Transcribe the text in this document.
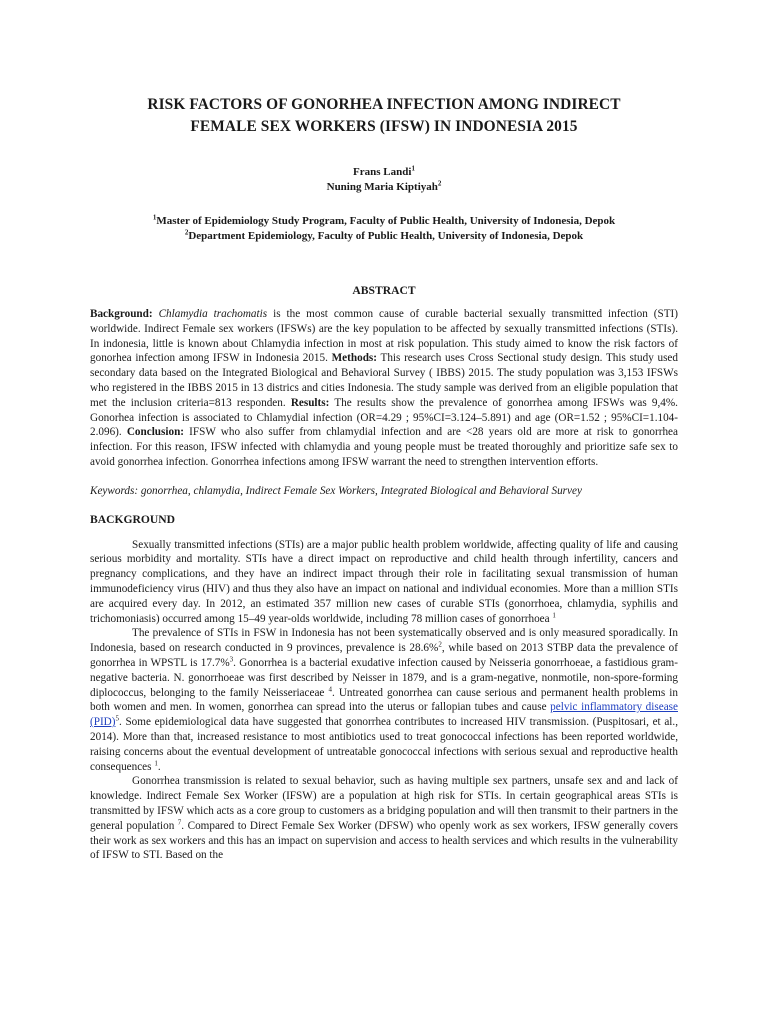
RISK FACTORS OF GONORHEA INFECTION AMONG INDIRECT
FEMALE SEX WORKERS (IFSW) IN INDONESIA 2015
Frans Landi$^1$
Nuning Maria Kiptiyah$^2$
$^1$Master of Epidemiology Study Program, Faculty of Public Health, University of Indonesia, Depok
$^2$Department Epidemiology, Faculty of Public Health, University of Indonesia, Depok
ABSTRACT

Background: Chlamydia trachomatis is the most common cause of curable bacterial sexually transmitted infection (STI) worldwide. Indirect Female sex workers (IFSWs) are the key population to be affected by sexually transmitted infections (STIs). In indonesia, little is known about Chlamydia infection in most at risk population. This study aimed to know the risk factors of gonorhea infection among IFSW in Indonesia 2015. Methods: This research uses Cross Sectional study design. This study used secondary data based on the Integrated Biological and Behavioral Survey ( IBBS) 2015. The study population was 3,153 IFSWs who registered in the IBBS 2015 in 13 districs and cities Indonesia. The study sample was derived from an eligible population that met the inclusion criteria=813 responden. Results: The results show the prevalence of gonorrhea among IFSWs was 9,4%. Gonorhea infection is associated to Chlamydial infection (OR=4.29 ; 95%CI=3.124–5.891) and age (OR=1.52 ; 95%CI=1.104-2.096). Conclusion: IFSW who also suffer from chlamydial infection and are <28 years old are more at risk to gonorrhea infection. For this reason, IFSW infected with chlamydia and young people must be treated thoroughly and prioritize safe sex to avoid gonorrhea infection. Gonorrhea infections among IFSW warrant the need to strengthen intervention efforts.

Keywords: gonorrhea, chlamydia, Indirect Female Sex Workers, Integrated Biological and Behavioral Survey

BACKGROUND

Sexually transmitted infections (STIs) are a major public health problem worldwide, affecting quality of life and causing serious morbidity and mortality. STIs have a direct impact on reproductive and child health through infertility, cancers and pregnancy complications, and they have an indirect impact through their role in facilitating sexual transmission of human immunodeficiency virus (HIV) and thus they also have an impact on national and individual economies. More than a million STIs are acquired every day. In 2012, an estimated 357 million new cases of curable STIs (gonorrhoea, chlamydia, syphilis and trichomoniasis) occurred among 15–49 year-olds worldwide, including 78 million cases of gonorrhoea $^1$

The prevalence of STIs in FSW in Indonesia has not been systematically observed and is only measured sporadically. In Indonesia, based on research conducted in 9 provinces, prevalence is 28.6%$^2$, while based on 2013 STBP data the prevalence of gonorrhea in WPSTL is 17.7%$^3$. Gonorrhea is a bacterial exudative infection caused by Neisseria gonorrhoeae, a fastidious gram-negative bacteria. N. gonorrhoeae was first described by Neisser in 1879, and is a gram-negative, nonmotile, non-spore-forming diplococcus, belonging to the family Neisseriaceae $^4$. Untreated gonorrhea can cause serious and permanent health problems in both women and men. In women, gonorrhea can spread into the uterus or fallopian tubes and cause pelvic inflammatory disease (PID)$^5$. Some epidemiological data have suggested that gonorrhea contributes to increased HIV transmission. (Puspitosari, et al., 2014). More than that, increased resistance to most antibiotics used to treat gonococcal infections has been reported worldwide, raising concerns about the eventual development of untreatable gonococcal infections with serious sexual and reproductive health consequences $^1$.

Gonorrhea transmission is related to sexual behavior, such as having multiple sex partners, unsafe sex and and lack of knowledge. Indirect Female Sex Worker (IFSW) are a population at high risk for STIs. In certain geographical areas STIs is transmitted by IFSW which acts as a core group to customers as a bridging population and will then transmit to their partners in the general population $^7$. Compared to Direct Female Sex Worker (DFSW) who openly work as sex workers, IFSW generally covers their work as sex workers and this has an impact on supervision and access to health services and which results in the vulnerability of IFSW to STI. Based on the
